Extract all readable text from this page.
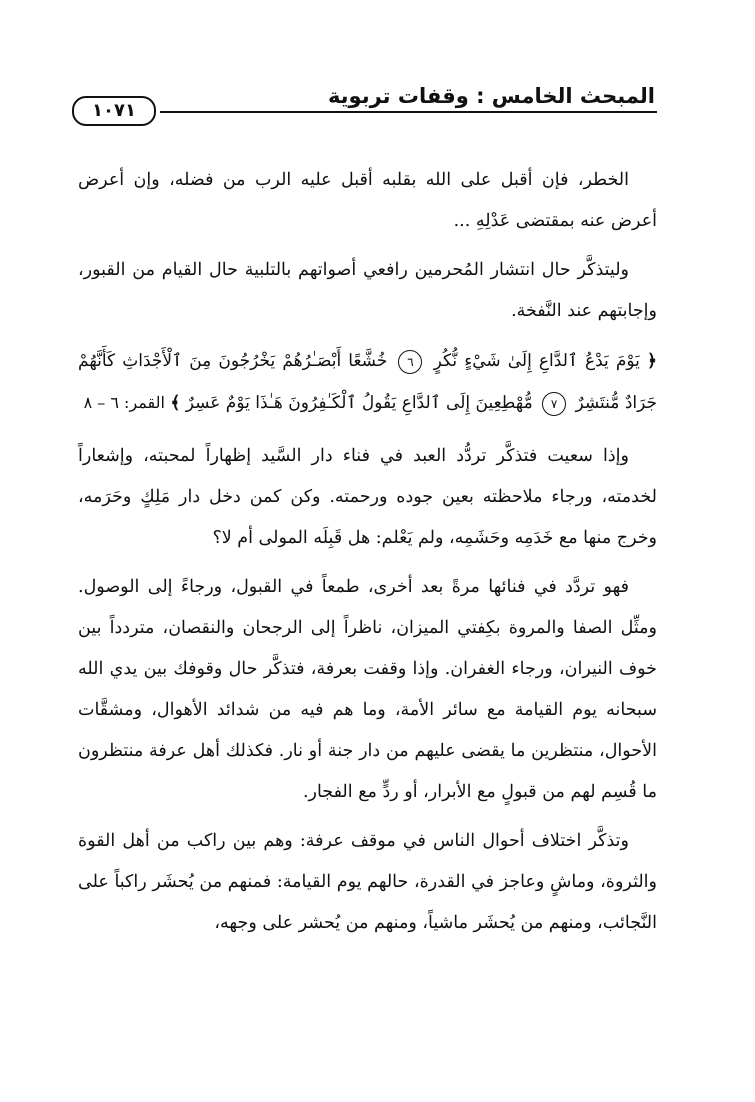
المبحث الخامس : وقفات تربوية
١٠٧١

الخطر، فإن أقبل على الله بقلبه أقبل عليه الرب من فضله، وإن أعرض أعرض عنه بمقتضى عَدْلِهِ ...

وليتذكَّر حال انتشار المُحرمين رافعي أصواتهم بالتلبية حال القيام من القبور، وإجابتهم عند النَّفخة.

﴿ يَوْمَ يَدْعُ ٱلدَّاعِ إِلَىٰ شَيْءٍ نُّكُرٍ ٦ خُشَّعًا أَبْصَـٰرُهُمْ يَخْرُجُونَ مِنَ ٱلْأَجْدَاثِ كَأَنَّهُمْ جَرَادٌ مُّنتَشِرٌ ٧ مُّهْطِعِينَ إِلَى ٱلدَّاعِ يَقُولُ ٱلْكَـٰفِرُونَ هَـٰذَا يَوْمٌ عَسِرٌ ﴾ القمر: ٦ – ٨

وإذا سعيت فتذكَّر تردُّد العبد في فناء دار السَّيد إظهاراً لمحبته، وإشعاراً لخدمته، ورجاء ملاحظته بعين جوده ورحمته. وكن كمن دخل دار مَلِكٍ وحَرَمه، وخرج منها مع خَدَمِه وحَشَمِه، ولم يَعْلم: هل قَبِلَه المولى أم لا؟

فهو تردَّد في فنائها مرةً بعد أخرى، طمعاً في القبول، ورجاءً إلى الوصول. ومثِّل الصفا والمروة بكِفتي الميزان، ناظراً إلى الرجحان والنقصان، متردداً بين خوف النيران، ورجاء الغفران. وإذا وقفت بعرفة، فتذكَّر حال وقوفك بين يدي الله سبحانه يوم القيامة مع سائر الأمة، وما هم فيه من شدائد الأهوال، ومشقَّات الأحوال، منتظرين ما يقضى عليهم من دار جنة أو نار. فكذلك أهل عرفة منتظرون ما قُسِم لهم من قبولٍ مع الأبرار، أو ردٍّ مع الفجار.

وتذكَّر اختلاف أحوال الناس في موقف عرفة: وهم بين راكب من أهل القوة والثروة، وماشٍ وعاجز في القدرة، حالهم يوم القيامة: فمنهم من يُحشَر راكباً على النَّجائب، ومنهم من يُحشَر ماشياً، ومنهم من يُحشر على وجهه،
